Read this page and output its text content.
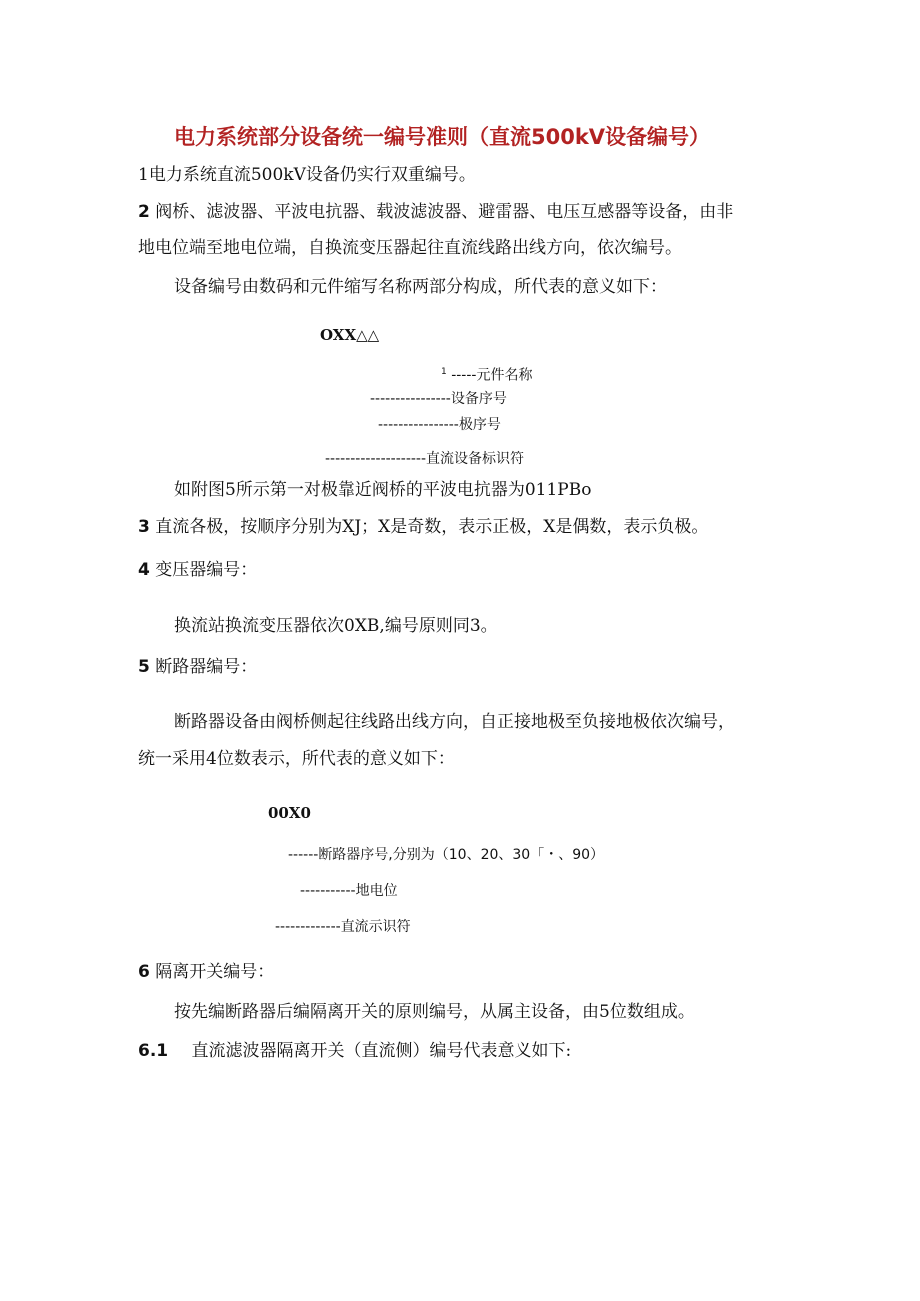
电力系统部分设备统一编号准则（直流500kV设备编号）
1电力系统直流500kV设备仍实行双重编号。
2 阀桥、滤波器、平波电抗器、载波滤波器、避雷器、电压互感器等设备，由非
地电位端至地电位端，自换流变压器起往直流线路出线方向，依次编号。
设备编号由数码和元件缩写名称两部分构成，所代表的意义如下：
OXX△△
$^1$ -----元件名称
----------------设备序号
----------------极序号
--------------------直流设备标识符
如附图5所示第一对极靠近阀桥的平波电抗器为011PBo
3 直流各极，按顺序分别为XJ；X是奇数，表示正极，X是偶数，表示负极。
4 变压器编号：
换流站换流变压器依次0XB,编号原则同3。
5 断路器编号：
断路器设备由阀桥侧起往线路出线方向，自正接地极至负接地极依次编号，
统一采用4位数表示，所代表的意义如下：
00X0
------断路器序号,分别为（10、20、30「・、90）
-----------地电位
-------------直流示识符
6 隔离开关编号：
按先编断路器后编隔离开关的原则编号，从属主设备，由5位数组成。
6.1 直流滤波器隔离开关（直流侧）编号代表意义如下:
